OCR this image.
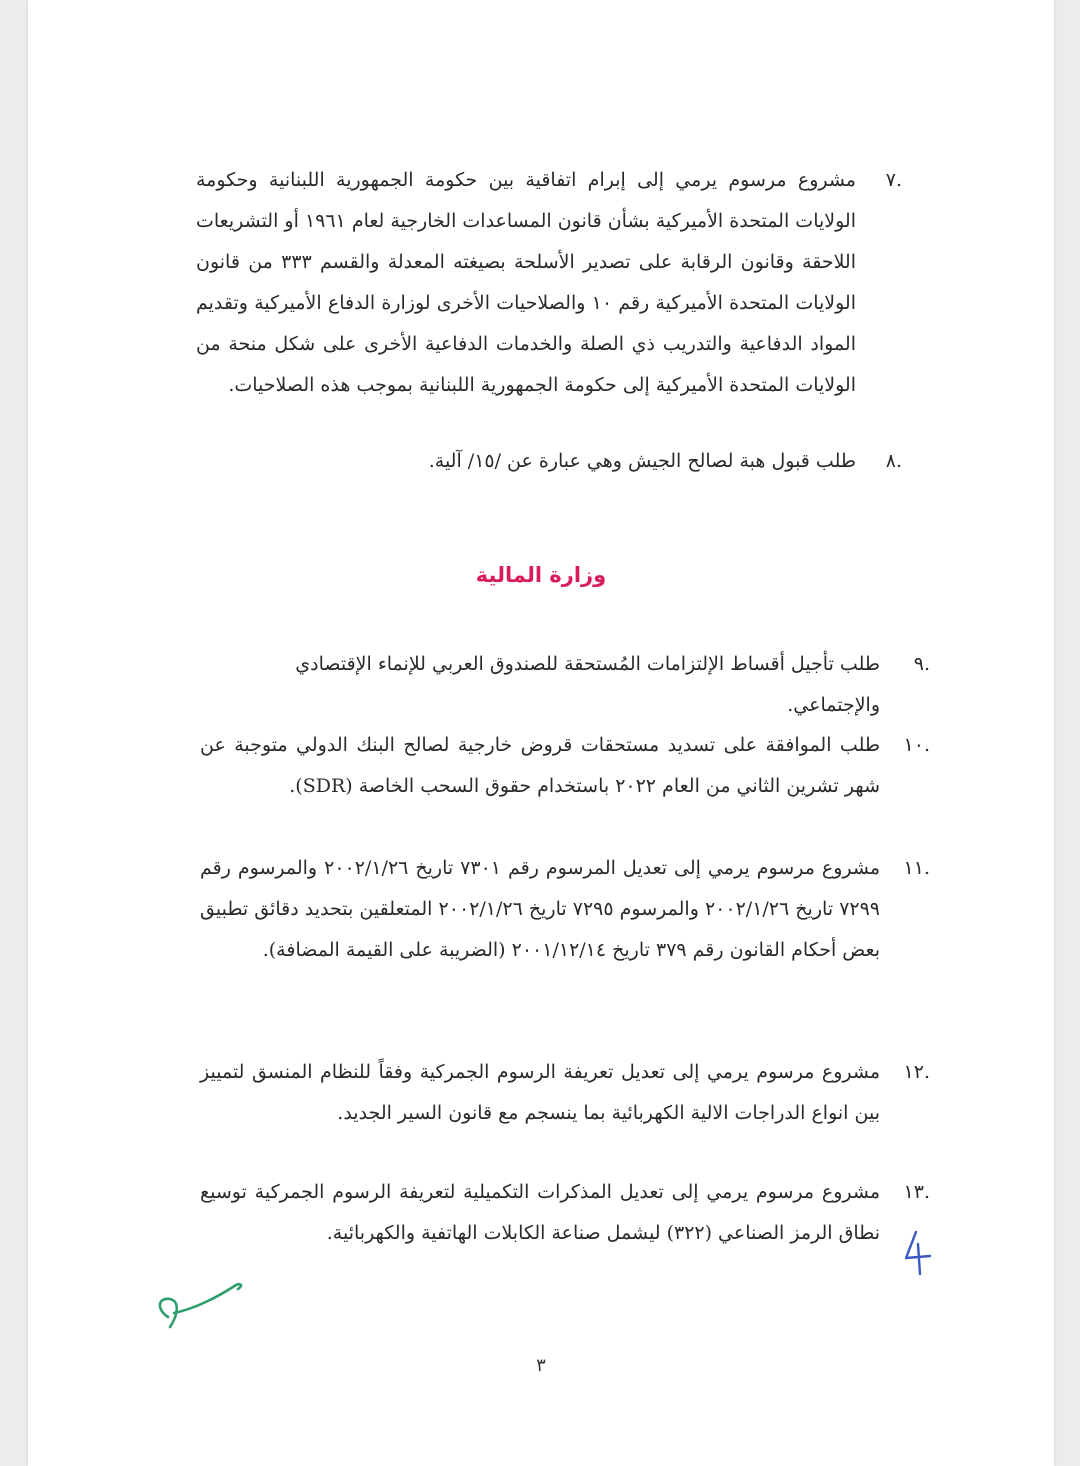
.٧
مشروع مرسوم يرمي إلى إبرام اتفاقية بين حكومة الجمهورية اللبنانية وحكومة الولايات المتحدة الأميركية بشأن قانون المساعدات الخارجية لعام ١٩٦١ أو التشريعات اللاحقة وقانون الرقابة على تصدير الأسلحة بصيغته المعدلة والقسم ٣٣٣ من قانون الولايات المتحدة الأميركية رقم ١٠ والصلاحيات الأخرى لوزارة الدفاع الأميركية وتقديم المواد الدفاعية والتدريب ذي الصلة والخدمات الدفاعية الأخرى على شكل منحة من الولايات المتحدة الأميركية إلى حكومة الجمهورية اللبنانية بموجب هذه الصلاحيات.
.٨
طلب قبول هبة لصالح الجيش وهي عبارة عن /١٥/ آلية.
وزارة المالية
.٩
طلب تأجيل أقساط الإلتزامات المُستحقة للصندوق العربي للإنماء الإقتصادي والإجتماعي.
.١٠
طلب الموافقة على تسديد مستحقات قروض خارجية لصالح البنك الدولي متوجبة عن شهر تشرين الثاني من العام ٢٠٢٢ باستخدام حقوق السحب الخاصة (SDR).
.١١
مشروع مرسوم يرمي إلى تعديل المرسوم رقم ٧٣٠١ تاريخ ٢٠٠٢/١/٢٦ والمرسوم رقم ٧٢٩٩ تاريخ ٢٠٠٢/١/٢٦ والمرسوم ٧٢٩٥ تاريخ ٢٠٠٢/١/٢٦ المتعلقين بتحديد دقائق تطبيق بعض أحكام القانون رقم ٣٧٩ تاريخ ٢٠٠١/١٢/١٤ (الضريبة على القيمة المضافة).
.١٢
مشروع مرسوم يرمي إلى تعديل تعريفة الرسوم الجمركية وفقاً للنظام المنسق لتمييز بين انواع الدراجات الالية الكهربائية بما ينسجم مع قانون السير الجديد.
.١٣
مشروع مرسوم يرمي إلى تعديل المذكرات التكميلية لتعريفة الرسوم الجمركية توسيع نطاق الرمز الصناعي (٣٢٢) ليشمل صناعة الكابلات الهاتفية والكهربائية.
٣
